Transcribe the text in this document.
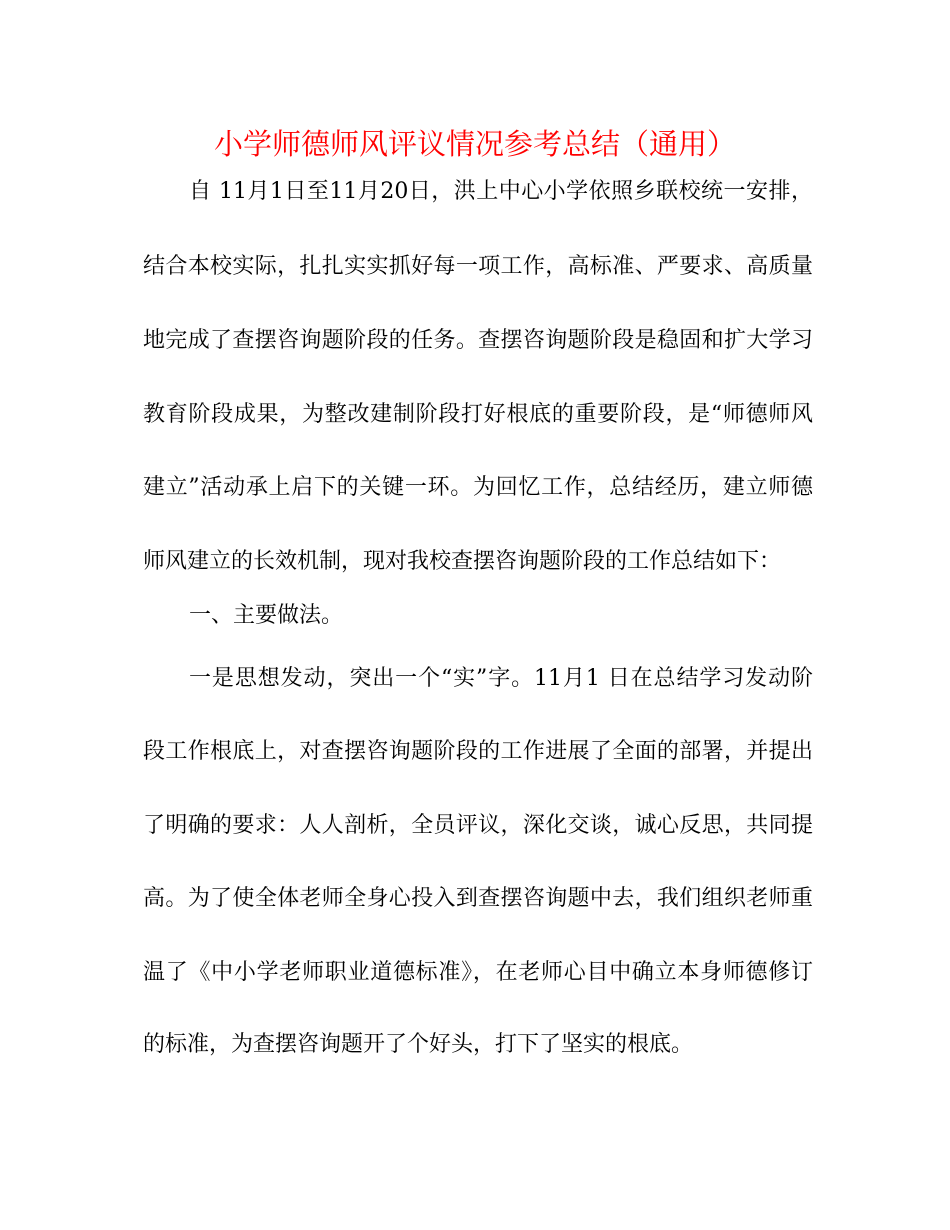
小学师德师风评议情况参考总结（通用）
自 11月1日至11月20日，洪上中心小学依照乡联校统一安排，
结合本校实际，扎扎实实抓好每一项工作，高标准、严要求、高质量
地完成了查摆咨询题阶段的任务。查摆咨询题阶段是稳固和扩大学习
教育阶段成果，为整改建制阶段打好根底的重要阶段，是“师德师风
建立”活动承上启下的关键一环。为回忆工作，总结经历，建立师德
师风建立的长效机制，现对我校查摆咨询题阶段的工作总结如下：
一、主要做法。
一是思想发动，突出一个“实”字。11月1 日在总结学习发动阶
段工作根底上，对查摆咨询题阶段的工作进展了全面的部署，并提出
了明确的要求：人人剖析，全员评议，深化交谈，诚心反思，共同提
高。为了使全体老师全身心投入到查摆咨询题中去，我们组织老师重
温了《中小学老师职业道德标准》，在老师心目中确立本身师德修订
的标准，为查摆咨询题开了个好头，打下了坚实的根底。
